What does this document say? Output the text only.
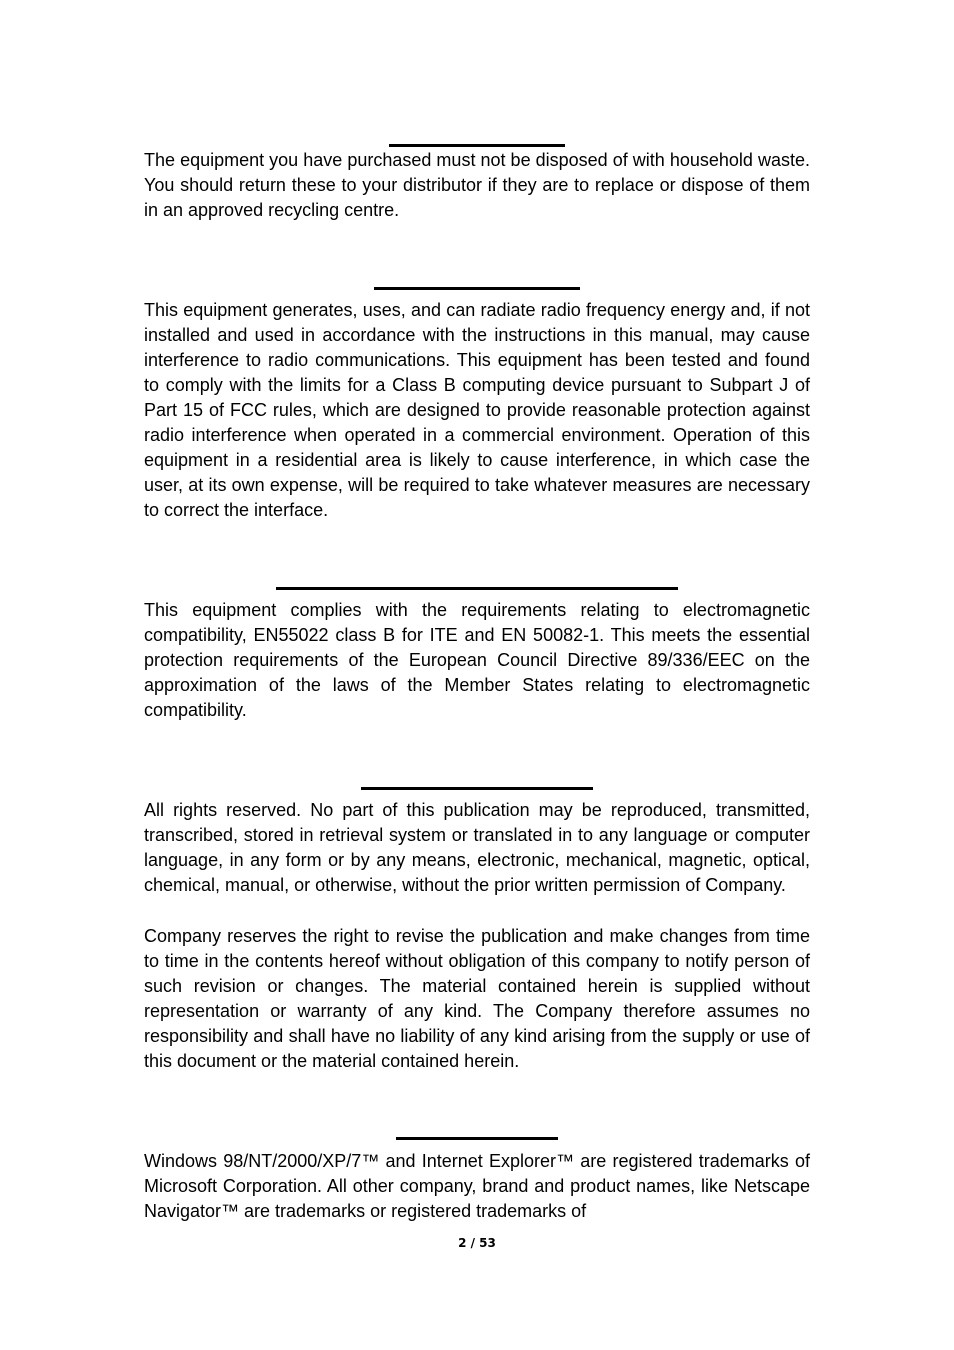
The equipment you have purchased must not be disposed of with household waste. You should return these to your distributor if they are to replace or dispose of them in an approved recycling centre.

This equipment generates, uses, and can radiate radio frequency energy and, if not installed and used in accordance with the instructions in this manual, may cause interference to radio communications. This equipment has been tested and found to comply with the limits for a Class B computing device pursuant to Subpart J of Part 15 of FCC rules, which are designed to provide reasonable protection against radio interference when operated in a commercial environment. Operation of this equipment in a residential area is likely to cause interference, in which case the user, at its own expense, will be required to take whatever measures are necessary to correct the interface.

This equipment complies with the requirements relating to electromagnetic compatibility, EN55022 class B for ITE and EN 50082-1. This meets the essential protection requirements of the European Council Directive 89/336/EEC on the approximation of the laws of the Member States relating to electromagnetic compatibility.

All rights reserved. No part of this publication may be reproduced, transmitted, transcribed, stored in retrieval system or translated in to any language or computer language, in any form or by any means, electronic, mechanical, magnetic, optical, chemical, manual, or otherwise, without the prior written permission of Company.

Company reserves the right to revise the publication and make changes from time to time in the contents hereof without obligation of this company to notify person of such revision or changes. The material contained herein is supplied without representation or warranty of any kind. The Company therefore assumes no responsibility and shall have no liability of any kind arising from the supply or use of this document or the material contained herein.

Windows 98/NT/2000/XP/7™ and Internet Explorer™ are registered trademarks of Microsoft Corporation. All other company, brand and product names, like Netscape Navigator™ are trademarks or registered trademarks of

2 / 53
